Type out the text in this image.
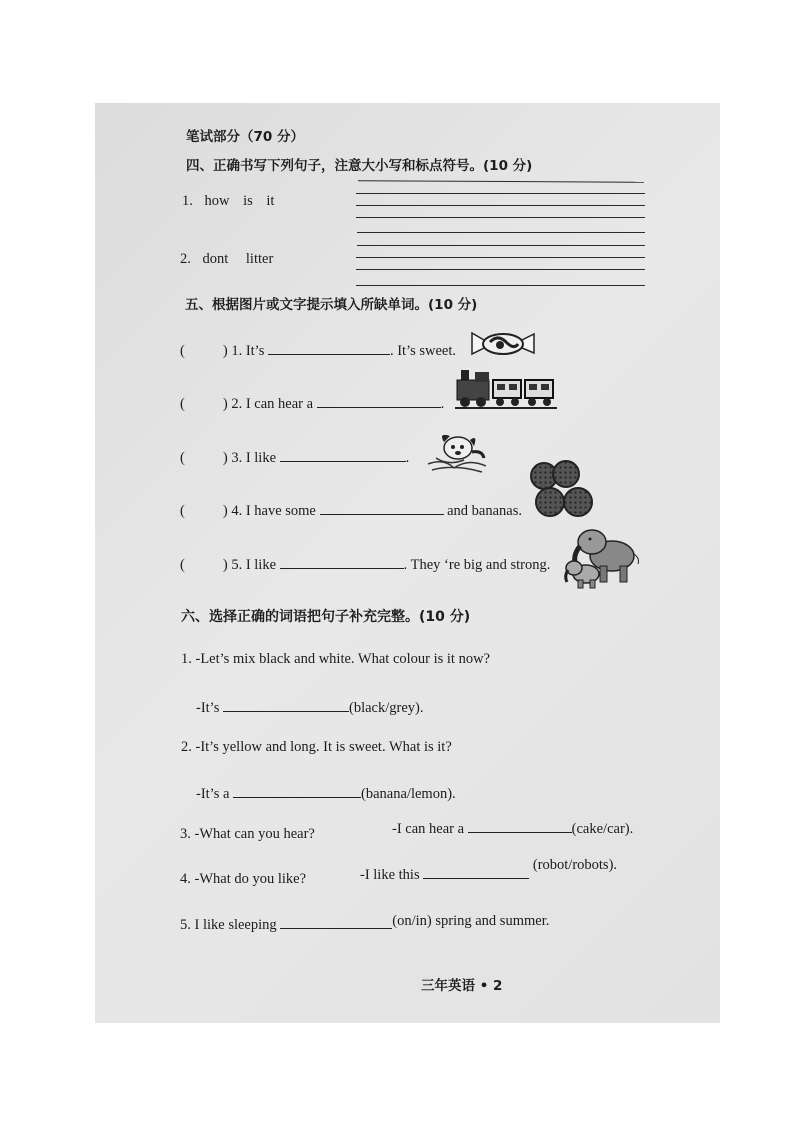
笔试部分（70 分）
四、正确书写下列句子，注意大小写和标点符号。(10 分)
1. how is it
2. dont litter
五、根据图片或文字提示填入所缺单词。(10 分)
(	) 1. It’s	. It’s sweet.
(	) 2. I can hear a	.
(	) 3. I like	.
(	) 4. I have some	and bananas.
(	) 5. I like	. They ‘re big and strong.
六、选择正确的词语把句子补充完整。(10 分)
1. -Let’s mix black and white. What colour is it now?
-It’s	(black/grey).
2. -It’s yellow and long. It is sweet. What is it?
-It’s a	(banana/lemon).
3. -What can you hear?	-I can hear a	(cake/car).
4. -What do you like?	-I like this  (robot/robots).
5. I like sleeping	(on/in) spring and summer.
三年英语 • 2
